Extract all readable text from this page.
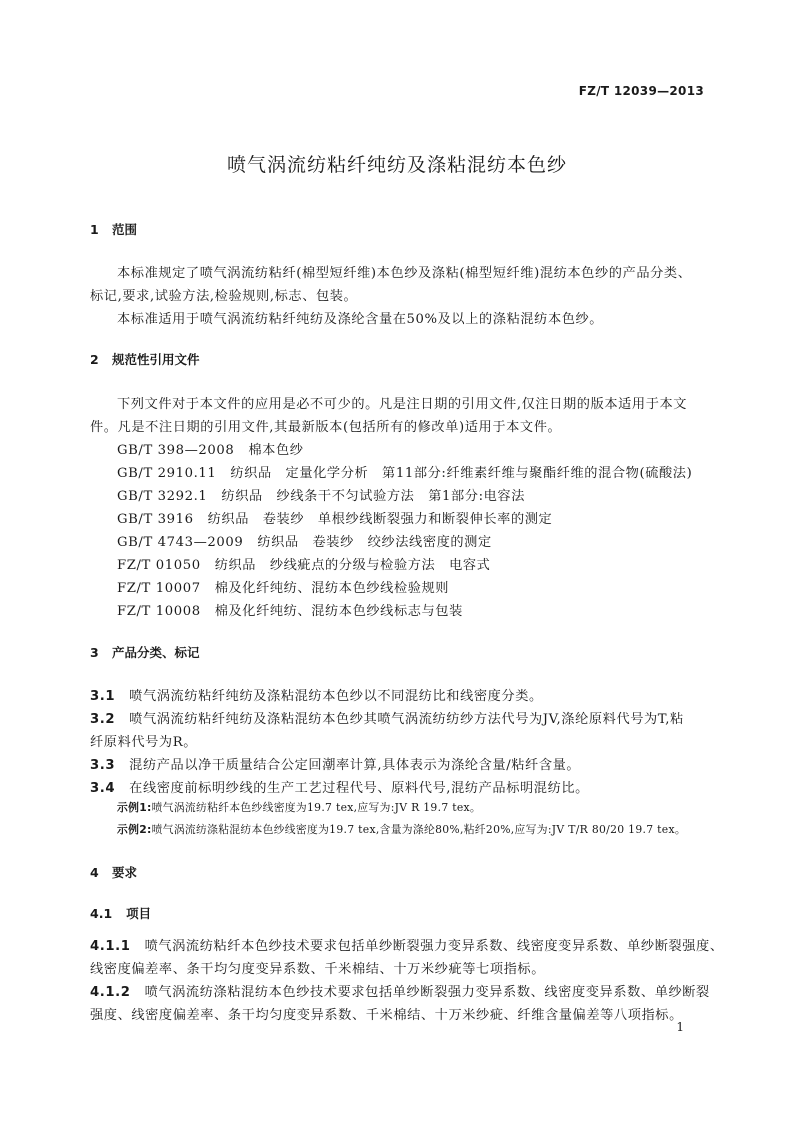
FZ/T 12039—2013
喷气涡流纺粘纤纯纺及涤粘混纺本色纱
1 范围
本标准规定了喷气涡流纺粘纤(棉型短纤维)本色纱及涤粘(棉型短纤维)混纺本色纱的产品分类、
标记,要求,试验方法,检验规则,标志、包装。
本标准适用于喷气涡流纺粘纤纯纺及涤纶含量在50%及以上的涤粘混纺本色纱。
2 规范性引用文件
下列文件对于本文件的应用是必不可少的。凡是注日期的引用文件,仅注日期的版本适用于本文
件。凡是不注日期的引用文件,其最新版本(包括所有的修改单)适用于本文件。
GB/T 398—2008 棉本色纱
GB/T 2910.11 纺织品　定量化学分析　第11部分:纤维素纤维与聚酯纤维的混合物(硫酸法)
GB/T 3292.1 纺织品　纱线条干不匀试验方法　第1部分:电容法
GB/T 3916 纺织品　卷装纱　单根纱线断裂强力和断裂伸长率的测定
GB/T 4743—2009 纺织品　卷装纱　绞纱法线密度的测定
FZ/T 01050 纺织品　纱线疵点的分级与检验方法　电容式
FZ/T 10007 棉及化纤纯纺、混纺本色纱线检验规则
FZ/T 10008 棉及化纤纯纺、混纺本色纱线标志与包装
3 产品分类、标记
3.1 喷气涡流纺粘纤纯纺及涤粘混纺本色纱以不同混纺比和线密度分类。
3.2 喷气涡流纺粘纤纯纺及涤粘混纺本色纱其喷气涡流纺纺纱方法代号为JV,涤纶原料代号为T,粘
纤原料代号为R。
3.3 混纺产品以净干质量结合公定回潮率计算,具体表示为涤纶含量/粘纤含量。
3.4 在线密度前标明纱线的生产工艺过程代号、原料代号,混纺产品标明混纺比。
示例1:喷气涡流纺粘纤本色纱线密度为19.7 tex,应写为:JV R 19.7 tex。
示例2:喷气涡流纺涤粘混纺本色纱线密度为19.7 tex,含量为涤纶80%,粘纤20%,应写为:JV T/R 80/20 19.7 tex。
4 要求
4.1 项目
4.1.1 喷气涡流纺粘纤本色纱技术要求包括单纱断裂强力变异系数、线密度变异系数、单纱断裂强度、
线密度偏差率、条干均匀度变异系数、千米棉结、十万米纱疵等七项指标。
4.1.2 喷气涡流纺涤粘混纺本色纱技术要求包括单纱断裂强力变异系数、线密度变异系数、单纱断裂
强度、线密度偏差率、条干均匀度变异系数、千米棉结、十万米纱疵、纤维含量偏差等八项指标。
1
